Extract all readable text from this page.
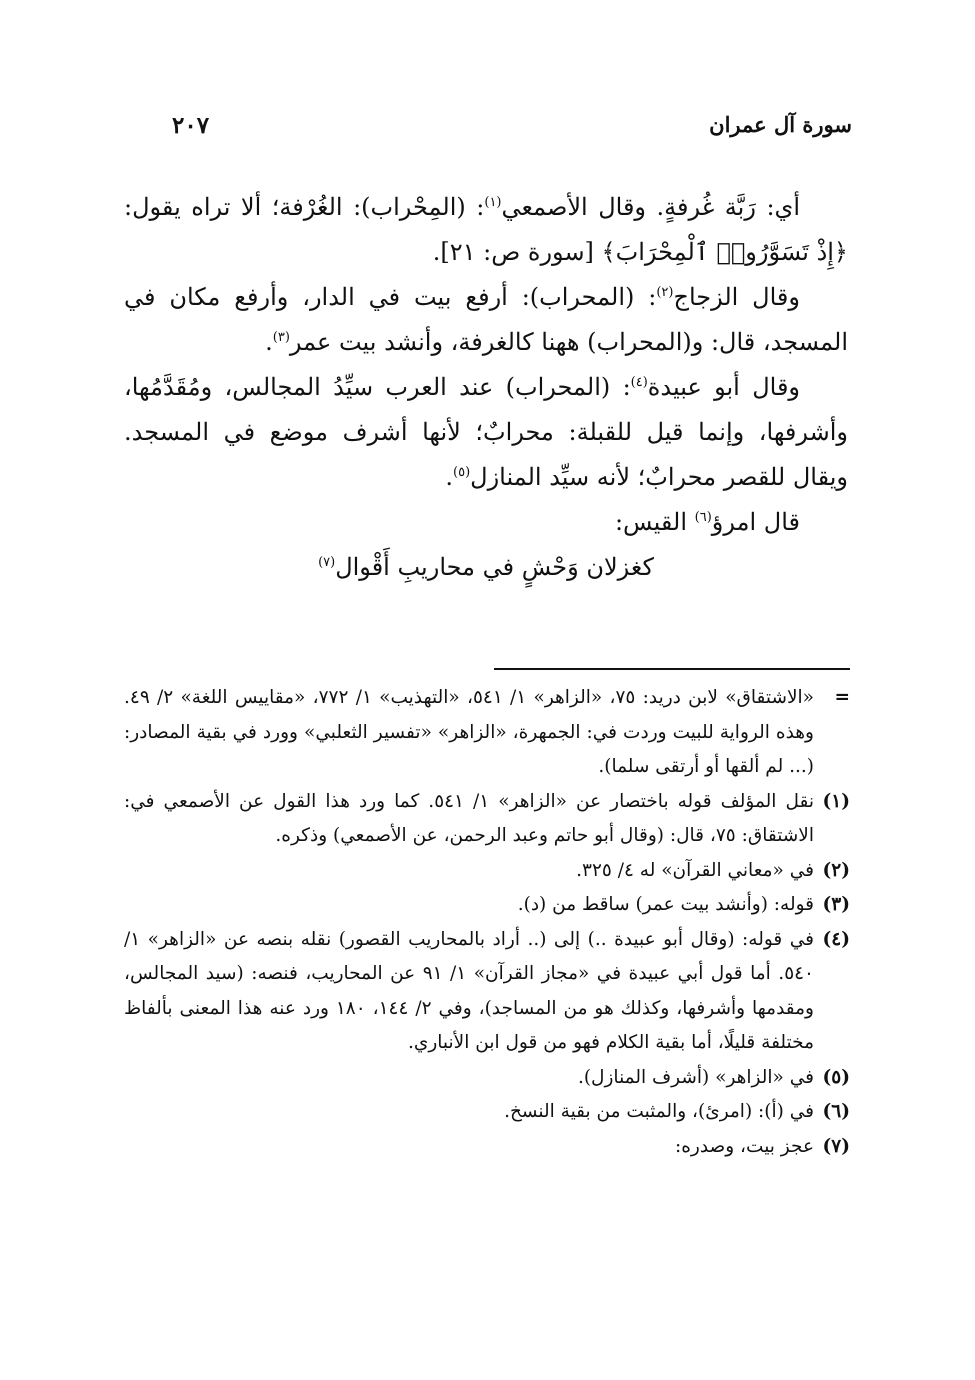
سورة آل عمران
٢٠٧

أي: رَبَّة غُرفةٍ. وقال الأصمعي$^{(١)}$: (المِحْراب): الغُرْفة؛ ألا تراه يقول: ﴿إِذْ تَسَوَّرُوا۟ ٱلْمِحْرَابَ﴾ [سورة ص: ٢١].

وقال الزجاج$^{(٢)}$: (المحراب): أرفع بيت في الدار، وأرفع مكان في المسجد، قال: و(المحراب) ههنا كالغرفة، وأنشد بيت عمر$^{(٣)}$.

وقال أبو عبيدة$^{(٤)}$: (المحراب) عند العرب سيِّدُ المجالس، ومُقَدَّمُها، وأشرفها، وإنما قيل للقبلة: محرابٌ؛ لأنها أشرف موضع في المسجد. ويقال للقصر محرابٌ؛ لأنه سيِّد المنازل$^{(٥)}$.

قال امرؤ$^{(٦)}$ القيس:

كغزلان وَحْشٍ في محاريبِ أَقْوال$^{(٧)}$

=
«الاشتقاق» لابن دريد: ٧٥، «الزاهر» ١/ ٥٤١، «التهذيب» ١/ ٧٧٢، «مقاييس اللغة» ٢/ ٤٩. وهذه الرواية للبيت وردت في: الجمهرة، «الزاهر» «تفسير الثعلبي» وورد في بقية المصادر: (... لم ألقها أو أرتقى سلما).

(١)
نقل المؤلف قوله باختصار عن «الزاهر» ١/ ٥٤١. كما ورد هذا القول عن الأصمعي في: الاشتقاق: ٧٥، قال: (وقال أبو حاتم وعبد الرحمن، عن الأصمعي) وذكره.

(٢)
في «معاني القرآن» له ٤/ ٣٢٥.

(٣)
قوله: (وأنشد بيت عمر) ساقط من (د).

(٤)
في قوله: (وقال أبو عبيدة ..) إلى (.. أراد بالمحاريب القصور) نقله بنصه عن «الزاهر» ١/ ٥٤٠. أما قول أبي عبيدة في «مجاز القرآن» ١/ ٩١ عن المحاريب، فنصه: (سيد المجالس، ومقدمها وأشرفها، وكذلك هو من المساجد)، وفي ٢/ ١٤٤، ١٨٠ ورد عنه هذا المعنى بألفاظ مختلفة قليلًا، أما بقية الكلام فهو من قول ابن الأنباري.

(٥)
في «الزاهر» (أشرف المنازل).

(٦)
في (أ): (امرئ)، والمثبت من بقية النسخ.

(٧)
عجز بيت، وصدره:
